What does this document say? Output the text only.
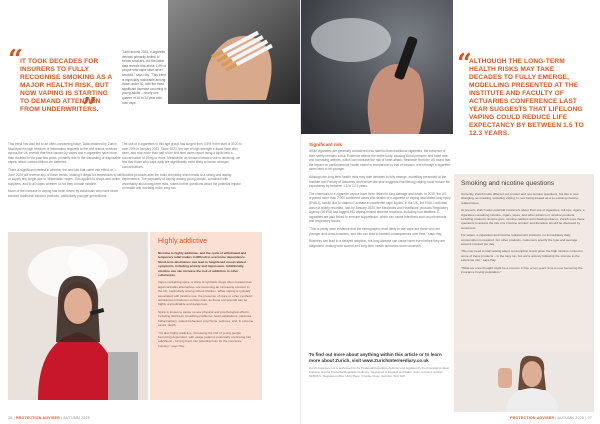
“
IT TOOK DECADES FOR INSURERS TO FULLY RECOGNISE SMOKING AS A MAJOR HEALTH RISK, BUT NOW VAPING IS STARTING TO DEMAND ATTENTION FROM UNDERWRITERS.
”

This trend has also led to an often-concerning issue. Data obtained by Zurich Municipal through freedom of information requests to fire and rescue services across the UK reveals that fires caused by vapes and e-cigarettes have more than doubled in the past few years, primarily due to the discarding of disposable vapes, which contain lithium-ion batteries.

There is significant interest in whether the new law that came into effect on 1 June 2025 will reverse any of these trends, making it illegal for businesses to sell or supply any single-use or 'disposable' vapes. This applies to shops and online suppliers, and to all vapes whether or not they contain nicotine.

Much of the increase in vaping has been driven by individuals who have never smoked traditional tobacco products, particularly younger generations.

"Until around 2015, e-cigarette devices primarily limited to former smokers, but the latest data reveals that about 1.4% of people who vape have never smoked," says Hay. "This trend is especially noticeable among those under 40, with the most significant increase occurring in young adults – nearly one quarter of 16 to 24 year olds now vape.

The use of e-cigarettes in this age group has surged from 3.5% in the start of 2020 to over 20% in January 2023. Since 2023, the use of high-strength e-liquid have also risen, and now more than half of the first-time users report using a liquid with a concentration of 20mg or more. Meanwhile, as smoked tobacco use is declining, we find that those who vape daily are significantly more likely to favour stronger concentrations.

Nicotine products alter the brain chemistry which leads to a strong and lasting dependence. The popularity of vaping among young people, combined with uncertainty about long-term risks, raises further questions about the potential impact on health and mortality in the long run.

Highly addictive

Nicotine is highly addictive, and the cycle of withdrawal and temporary relief makes it difficult to overcome dependence. Short-term abstinence can lead to heightened mood-related symptoms, including anxiety and depression. Additionally, nicotine use can increase the risk of addiction to other substances.

Vapes containing spice, a class of synthetic drugs often marketed as legal cannabis alternatives, are becoming an increasing concern in the UK, particularly among school children. While vaping is typically associated with nicotine use, the presence of spice or other synthetic substances introduces serious risks, as these compounds can be highly unpredictable and dangerous.

Spice is known to cause severe physical and psychological effects, including dizziness, breathing problems, heart palpitations, paranoia, hallucinations, violent behaviour, psychosis, seizures, and, in extreme cases, death.

"It's also highly addictive, increasing the risk of young people becoming dependent, with usage patterns potentially continuing into adulthood – turning them into potential risks for the insurance industry," says Hay.

26 | PROTECTION ADVISER | AUTUMN 2025
“
ALTHOUGH THE LONG-TERM HEALTH RISKS MAY TAKE DECADES TO FULLY EMERGE, MODELLING PRESENTED AT THE INSTITUTE AND FACULTY OF ACTUARIES CONFERENCE LAST YEAR SUGGESTS THAT LIFELONG VAPING COULD REDUCE LIFE EXPECTANCY BY BETWEEN 1.5 TO 12.3 YEARS.
Significant risk

While cigarettes are generally considered less harmful than traditional cigarettes, the evidence of their safety remains a risk. Evidence affects the entire body, causing blood pressure and heart rate, and narrowing arteries, which can increase the risk of heart attack. Research from the US found that the impact on cardiovascular health raised in comparison to that of tobacco, even though e-cigarette users tend to be younger.

Although the long-term health risks may take decades to fully emerge, modelling presented at the Institute and Faculty of Actuaries conference last year suggests that lifelong vaping could reduce life expectancy by between 1.5 to 12.3 years.

The chemicals in e-cigarette vapour have been linked to lung damage and death. In 2019, the US reported more than 2,000 confirmed cases and deaths of e-cigarette or vaping associated lung injury (EVALI), mostly due to vitamin E acetate in counterfeit vape liquids. In the UK, the EVALI outbreak was not widely recorded, and by January 2025, the Medicines and Healthcare products Regulatory Agency (MHRA) had logged 490 vaping-related adverse reactions, including four fatalities. E-cigarettes are also linked to immune suppression, which can cause infections such as pneumonia and respiratory issues.

"This is pretty clear evidence that the demographic most likely to use vape are those who are younger and cross-boarders, and this can lead to harmful consequences over time," says Hay.

Business can lead to a delayed adoption, but lung disease can cause harm even before they are diagnosed, making both current and long-term health outcomes more uncertain.

To find out more about anything within this article or to learn more about Zurich, visit www.ZurichIntermediary.co.uk
Zurich Assurance Ltd is authorised by the Prudential Regulation Authority and regulated by the Financial Conduct Authority and the Prudential Regulation Authority. Registered in England and Wales under company number 02456671. Registered office: Unity Place, 1 Carfax Close, Swindon, SN1 1AP.
Smoking and nicotine questions

Currently, Zurich holds different set smoker and non-smoker questions, but this is now changing, as smoking, including vaping, is now being treated as a co-existing nicotine-related issue.

At present, Zurich asks potential customers about their use of cigarettes, roll-ups, cigars, e-cigarettes containing nicotine, cigars, pipes, and other tobacco or nicotine products, including products nicotine gum, nicotine patches and chewing tobacco. Zurich uses these questions to assess the risk of a 'nicotine smoker' and therefore should be disclosed by customers.

For vapes, e-cigarettes and nicotine replacement products, no immediately daily consumption is required. For other products, customers specify the type and average amount smoked per day.

"We may need to start asking about consumption levels given the high nicotine content in some of these products – in the long run, but we're actively following the science to the extent we can," says Hay.

"What we once thought might be a concern in five or ten years' time is now becoming the insurance buying population."

PROTECTION ADVISER | AUTUMN 2025 | 27
